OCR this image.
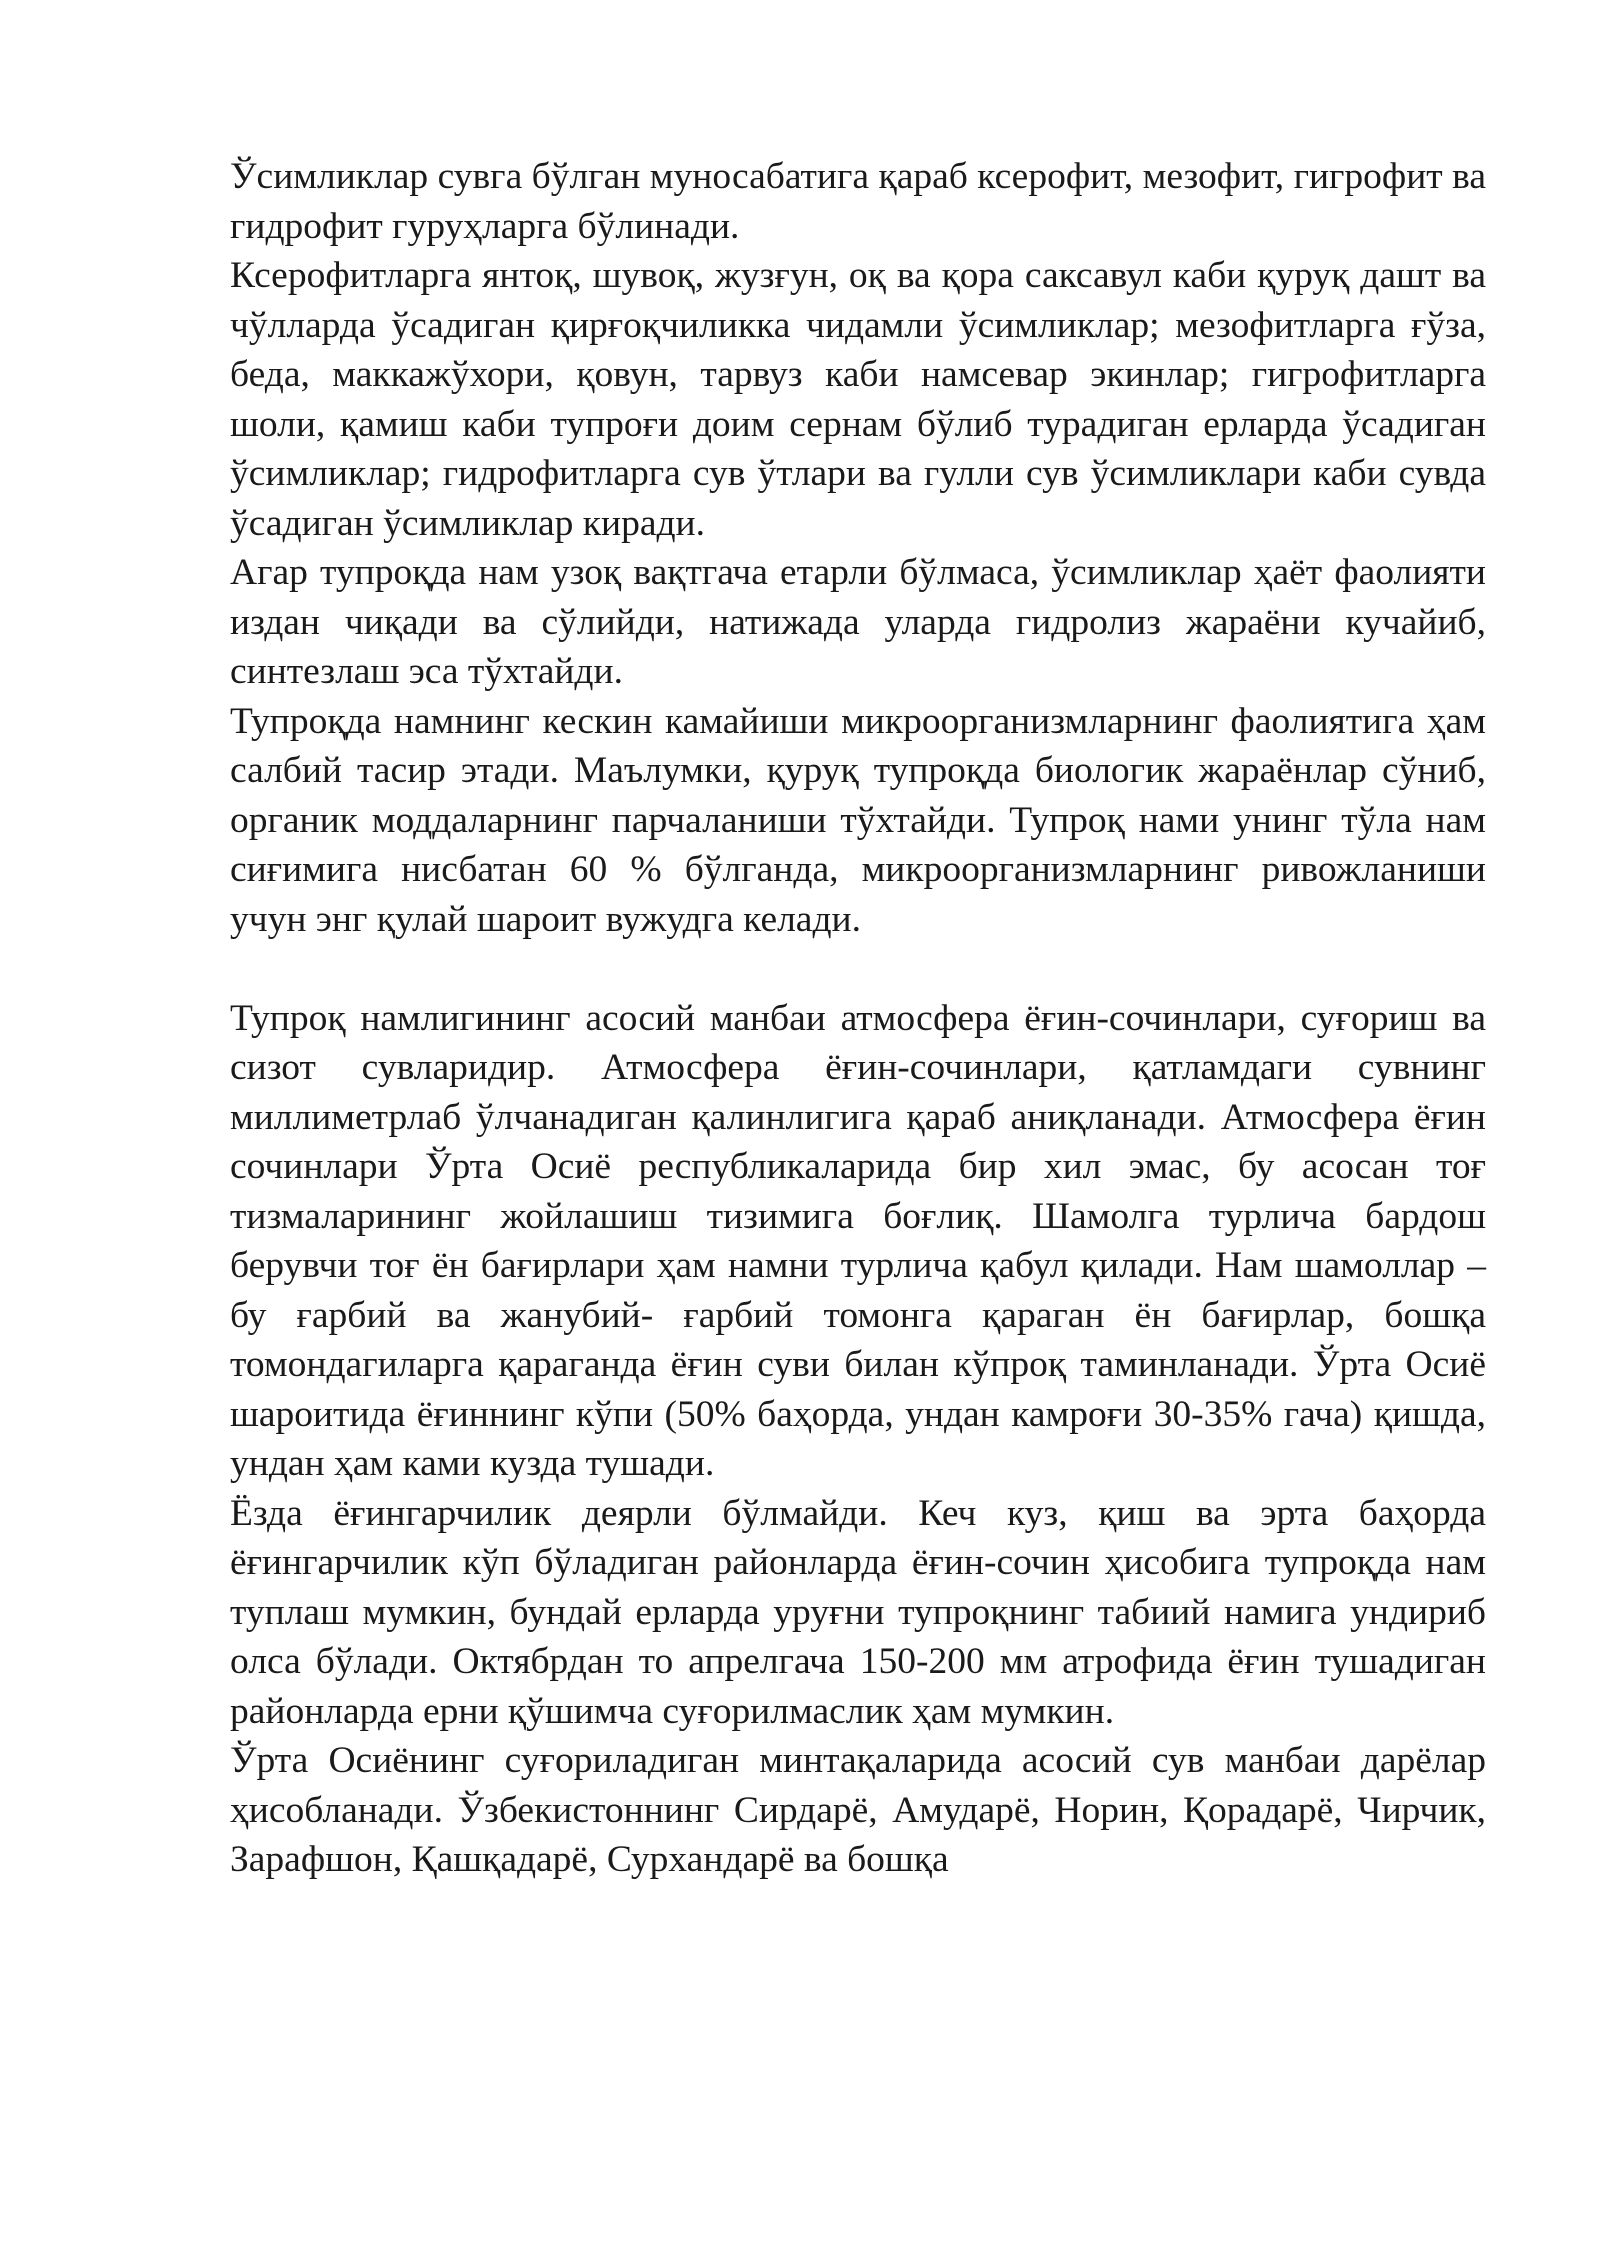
Ўсимликлар сувга бўлган муносабатига қараб ксерофит, мезофит, гигрофит ва гидрофит гуруҳларга бўлинади.

Ксерофитларга янтоқ, шувоқ, жузғун, оқ ва қора саксавул каби қуруқ дашт ва чўлларда ўсадиган қирғоқчиликка чидамли ўсимликлар; мезофитларга ғўза, беда, маккажўхори, қовун, тарвуз каби намсевар экинлар; гигрофитларга шоли, қамиш каби тупроғи доим сернам бўлиб турадиган ерларда ўсадиган ўсимликлар; гидрофитларга сув ўтлари ва гулли сув ўсимликлари каби сувда ўсадиган ўсимликлар киради.

Агар тупроқда нам узоқ вақтгача етарли бўлмаса, ўсимликлар ҳаёт фаолияти издан чиқади ва сўлийди, натижада уларда гидролиз жараёни кучайиб, синтезлаш эса тўхтайди.

Тупроқда намнинг кескин камайиши микроорганизмларнинг фаолиятига ҳам салбий тасир этади. Маълумки, қуруқ тупроқда биологик жараёнлар сўниб, органик моддаларнинг парчаланиши тўхтайди. Тупроқ нами унинг тўла нам сиғимига нисбатан 60 % бўлганда, микроорганизмларнинг ривожланиши учун энг қулай шароит вужудга келади.

Тупроқ намлигининг асосий манбаи атмосфера ёғин-сочинлари, суғориш ва сизот сувларидир. Атмосфера ёғин-сочинлари, қатламдаги сувнинг миллиметрлаб ўлчанадиган қалинлигига қараб аниқланади. Атмосфера ёғин сочинлари Ўрта Осиё республикаларида бир хил эмас, бу асосан тоғ тизмаларининг жойлашиш тизимига боғлиқ. Шамолга турлича бардош берувчи тоғ ён бағирлари ҳам намни турлича қабул қилади. Нам шамоллар – бу ғарбий ва жанубий- ғарбий томонга қараган ён бағирлар, бошқа томондагиларга қараганда ёғин суви билан кўпроқ таминланади. Ўрта Осиё шароитида ёғиннинг кўпи (50% баҳорда, ундан камроғи 30-35% гача) қишда, ундан ҳам ками кузда тушади.

Ёзда ёғингарчилик деярли бўлмайди. Кеч куз, қиш ва эрта баҳорда ёғингарчилик кўп бўладиган районларда ёғин-сочин ҳисобига тупроқда нам туплаш мумкин, бундай ерларда уруғни тупроқнинг табиий намига ундириб олса бўлади. Октябрдан то апрелгача 150-200 мм атрофида ёғин тушадиган районларда ерни қўшимча суғорилмаслик ҳам мумкин.

Ўрта Осиёнинг суғориладиган минтақаларида асосий сув манбаи дарёлар ҳисобланади. Ўзбекистоннинг Сирдарё, Амударё, Норин, Қорадарё, Чирчик, Зарафшон, Қашқадарё, Сурхандарё ва бошқа
